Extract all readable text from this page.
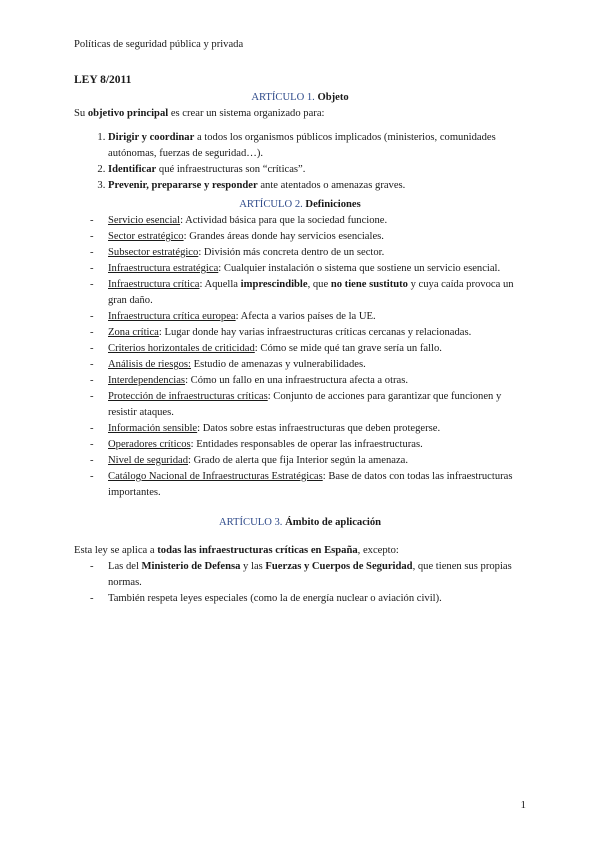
Políticas de seguridad pública y privada

LEY 8/2011

ARTÍCULO 1. Objeto

Su objetivo principal es crear un sistema organizado para:

1. Dirigir y coordinar a todos los organismos públicos implicados (ministerios, comunidades autónomas, fuerzas de seguridad…).
2. Identificar qué infraestructuras son “críticas”.
3. Prevenir, prepararse y responder ante atentados o amenazas graves.

ARTÍCULO 2. Definiciones

- Servicio esencial: Actividad básica para que la sociedad funcione.
- Sector estratégico: Grandes áreas donde hay servicios esenciales.
- Subsector estratégico: División más concreta dentro de un sector.
- Infraestructura estratégica: Cualquier instalación o sistema que sostiene un servicio esencial.
- Infraestructura crítica: Aquella imprescindible, que no tiene sustituto y cuya caída provoca un gran daño.
- Infraestructura crítica europea: Afecta a varios países de la UE.
- Zona crítica: Lugar donde hay varias infraestructuras críticas cercanas y relacionadas.
- Criterios horizontales de criticidad: Cómo se mide qué tan grave sería un fallo.
- Análisis de riesgos: Estudio de amenazas y vulnerabilidades.
- Interdependencias: Cómo un fallo en una infraestructura afecta a otras.
- Protección de infraestructuras críticas: Conjunto de acciones para garantizar que funcionen y resistir ataques.
- Información sensible: Datos sobre estas infraestructuras que deben protegerse.
- Operadores críticos: Entidades responsables de operar las infraestructuras.
- Nivel de seguridad: Grado de alerta que fija Interior según la amenaza.
- Catálogo Nacional de Infraestructuras Estratégicas: Base de datos con todas las infraestructuras importantes.

ARTÍCULO 3. Ámbito de aplicación

Esta ley se aplica a todas las infraestructuras críticas en España, excepto:

- Las del Ministerio de Defensa y las Fuerzas y Cuerpos de Seguridad, que tienen sus propias normas.
- También respeta leyes especiales (como la de energía nuclear o aviación civil).
1
